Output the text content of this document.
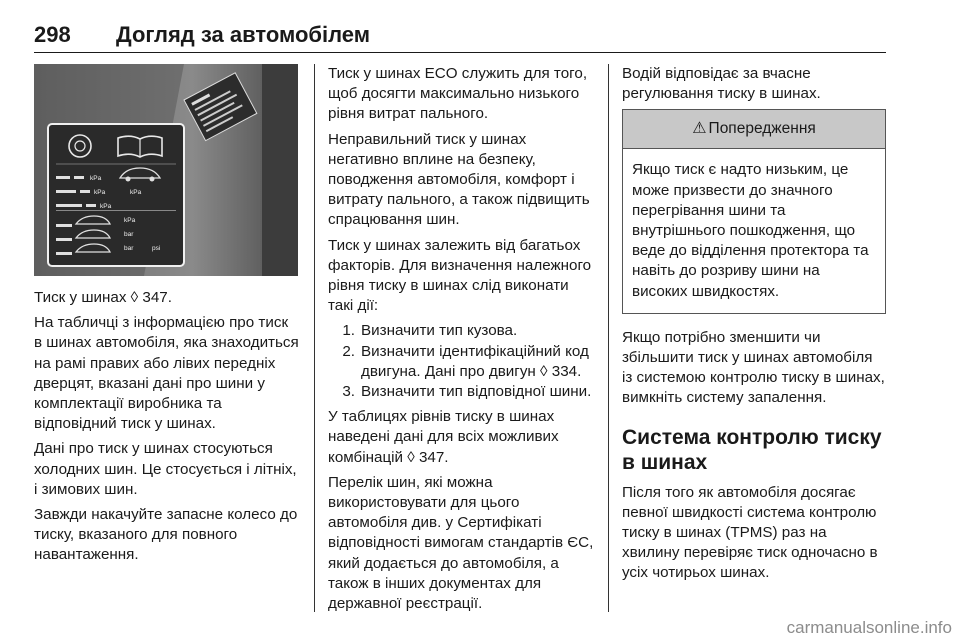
298 Догляд за автомобілем
kPa
kPa
kPa
kPa
kPa
bar
bar	psi

Тиск у шинах ◊ 347.

На табличці з інформацією про тиск в шинах автомобіля, яка знаходиться на рамі правих або лівих передніх дверцят, вказані дані про шини у комплектації виробника та відповідний тиск у шинах.

Дані про тиск у шинах стосуються холодних шин. Це стосується і літніх, і зимових шин.

Завжди накачуйте запасне колесо до тиску, вказаного для повного навантаження.

Тиск у шинах ECO служить для того, щоб досягти максимально низького рівня витрат пального.

Неправильний тиск у шинах негативно вплине на безпеку, поводження автомобіля, комфорт і витрату пального, а також підвищить спрацювання шин.

Тиск у шинах залежить від багатьох факторів. Для визначення належного рівня тиску в шинах слід виконати такі дії:

1. Визначити тип кузова.
2. Визначити ідентифікаційний код двигуна. Дані про двигун ◊ 334.
3. Визначити тип відповідної шини.

У таблицях рівнів тиску в шинах наведені дані для всіх можливих комбінацій ◊ 347.

Перелік шин, які можна використовувати для цього автомобіля див. у Сертифікаті відповідності вимогам стандартів ЄС, який додається до автомобіля, а також в інших документах для державної реєстрації.

Водій відповідає за вчасне регулювання тиску в шинах.

⚠ Попередження
Якщо тиск є надто низьким, це може призвести до значного перегрівання шини та внутрішнього пошкодження, що веде до відділення протектора та навіть до розриву шини на високих швидкостях.

Якщо потрібно зменшити чи збільшити тиск у шинах автомобіля із системою контролю тиску в шинах, вимкніть систему запалення.

Система контролю тиску в шинах

Після того як автомобіля досягає певної швидкості система контролю тиску в шинах (TPMS) раз на хвилину перевіряє тиск одночасно в усіх чотирьох шинах.

carmanualsonline.info
